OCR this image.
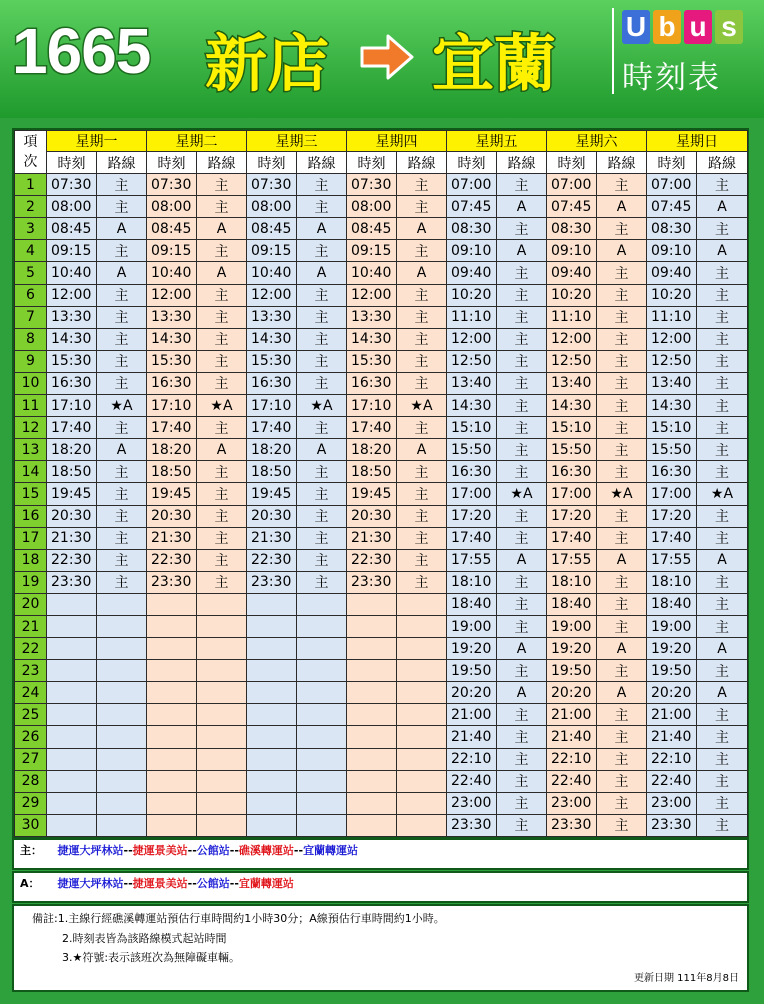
1665 新店 宜蘭
U b u s
時刻表
項
次	星期一		星期二		星期三		星期四		星期五		星期六		星期日	
	時刻	路線	時刻	路線	時刻	路線	時刻	路線	時刻	路線	時刻	路線	時刻	路線
1	07:30	主	07:30	主	07:30	主	07:30	主	07:00	主	07:00	主	07:00	主
2	08:00	主	08:00	主	08:00	主	08:00	主	07:45	A	07:45	A	07:45	A
3	08:45	A	08:45	A	08:45	A	08:45	A	08:30	主	08:30	主	08:30	主
4	09:15	主	09:15	主	09:15	主	09:15	主	09:10	A	09:10	A	09:10	A
5	10:40	A	10:40	A	10:40	A	10:40	A	09:40	主	09:40	主	09:40	主
6	12:00	主	12:00	主	12:00	主	12:00	主	10:20	主	10:20	主	10:20	主
7	13:30	主	13:30	主	13:30	主	13:30	主	11:10	主	11:10	主	11:10	主
8	14:30	主	14:30	主	14:30	主	14:30	主	12:00	主	12:00	主	12:00	主
9	15:30	主	15:30	主	15:30	主	15:30	主	12:50	主	12:50	主	12:50	主
10	16:30	主	16:30	主	16:30	主	16:30	主	13:40	主	13:40	主	13:40	主
11	17:10	★A	17:10	★A	17:10	★A	17:10	★A	14:30	主	14:30	主	14:30	主
12	17:40	主	17:40	主	17:40	主	17:40	主	15:10	主	15:10	主	15:10	主
13	18:20	A	18:20	A	18:20	A	18:20	A	15:50	主	15:50	主	15:50	主
14	18:50	主	18:50	主	18:50	主	18:50	主	16:30	主	16:30	主	16:30	主
15	19:45	主	19:45	主	19:45	主	19:45	主	17:00	★A	17:00	★A	17:00	★A
16	20:30	主	20:30	主	20:30	主	20:30	主	17:20	主	17:20	主	17:20	主
17	21:30	主	21:30	主	21:30	主	21:30	主	17:40	主	17:40	主	17:40	主
18	22:30	主	22:30	主	22:30	主	22:30	主	17:55	A	17:55	A	17:55	A
19	23:30	主	23:30	主	23:30	主	23:30	主	18:10	主	18:10	主	18:10	主
20									18:40	主	18:40	主	18:40	主
21									19:00	主	19:00	主	19:00	主
22									19:20	A	19:20	A	19:20	A
23									19:50	主	19:50	主	19:50	主
24									20:20	A	20:20	A	20:20	A
25									21:00	主	21:00	主	21:00	主
26									21:40	主	21:40	主	21:40	主
27									22:10	主	22:10	主	22:10	主
28									22:40	主	22:40	主	22:40	主
29									23:00	主	23:00	主	23:00	主
30									23:30	主	23:30	主	23:30	主
主： 捷運大坪林站--捷運景美站--公館站--礁溪轉運站--宜蘭轉運站
A： 捷運大坪林站--捷運景美站--公館站--宜蘭轉運站
備註:1.主線行經礁溪轉運站預估行車時間約1小時30分；A線預估行車時間約1小時。
2.時刻表皆為該路線模式起站時間
3.★符號:表示該班次為無障礙車輛。
更新日期 111年8月8日
